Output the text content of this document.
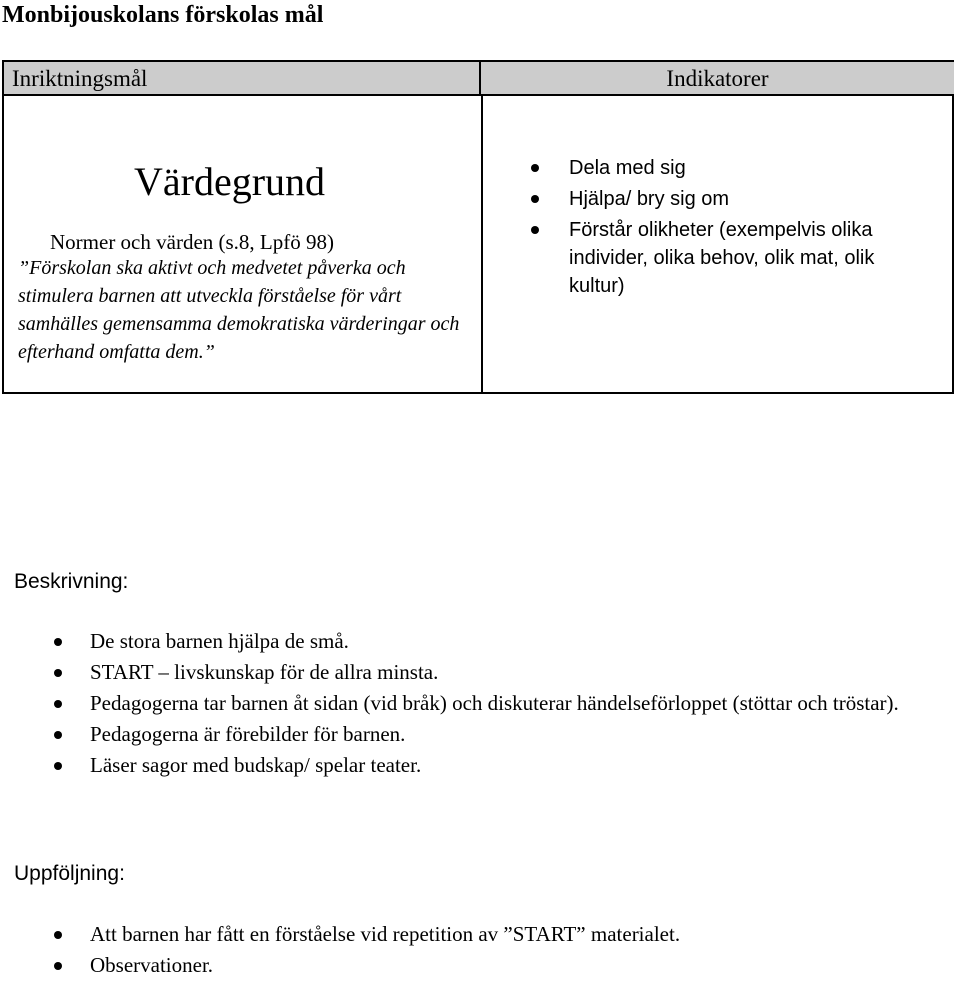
Monbijouskolans förskolas mål
Inriktningsmål	Indikatorer
Värdegrund
Normer och värden (s.8, Lpfö 98)
”Förskolan ska aktivt och medvetet påverka och
stimulera barnen att utveckla förståelse för vårt
samhälles gemensamma demokratiska värderingar och
efterhand omfatta dem.”
Dela med sig
Hjälpa/ bry sig om
Förstår olikheter (exempelvis olika individer, olika behov, olik mat, olik kultur)
Beskrivning:
De stora barnen hjälpa de små.
START – livskunskap för de allra minsta.
Pedagogerna tar barnen åt sidan (vid bråk) och diskuterar händelseförloppet (stöttar och tröstar).
Pedagogerna är förebilder för barnen.
Läser sagor med budskap/ spelar teater.
Uppföljning:
Att barnen har fått en förståelse vid repetition av ”START” materialet.
Observationer.
